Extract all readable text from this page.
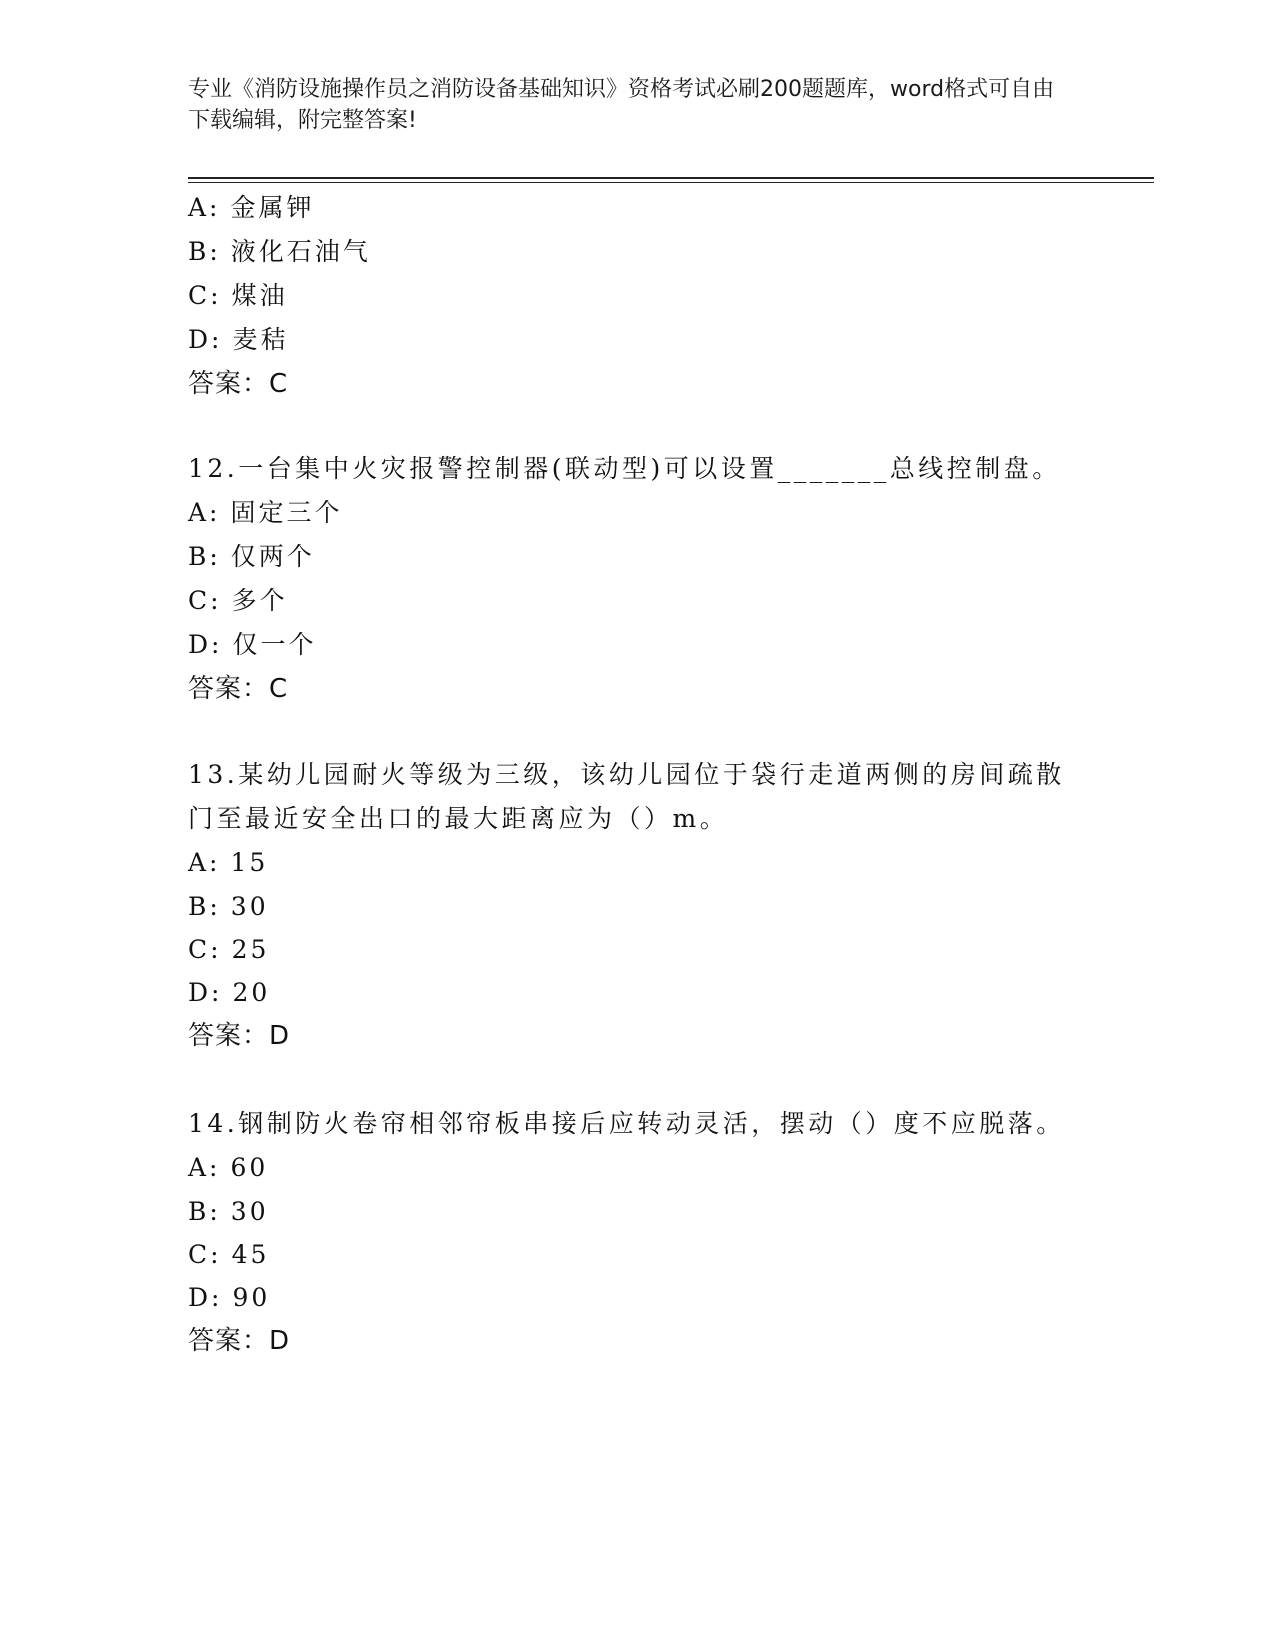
专业《消防设施操作员之消防设备基础知识》资格考试必刷200题题库，word格式可自由下载编辑，附完整答案!
A: 金属钾
B: 液化石油气
C: 煤油
D: 麦秸
答案：C
12.一台集中火灾报警控制器(联动型)可以设置_______总线控制盘。
A: 固定三个
B: 仅两个
C: 多个
D: 仅一个
答案：C
13.某幼儿园耐火等级为三级，该幼儿园位于袋行走道两侧的房间疏散
门至最近安全出口的最大距离应为（）m。
A: 15
B: 30
C: 25
D: 20
答案：D
14.钢制防火卷帘相邻帘板串接后应转动灵活，摆动（）度不应脱落。
A: 60
B: 30
C: 45
D: 90
答案：D
